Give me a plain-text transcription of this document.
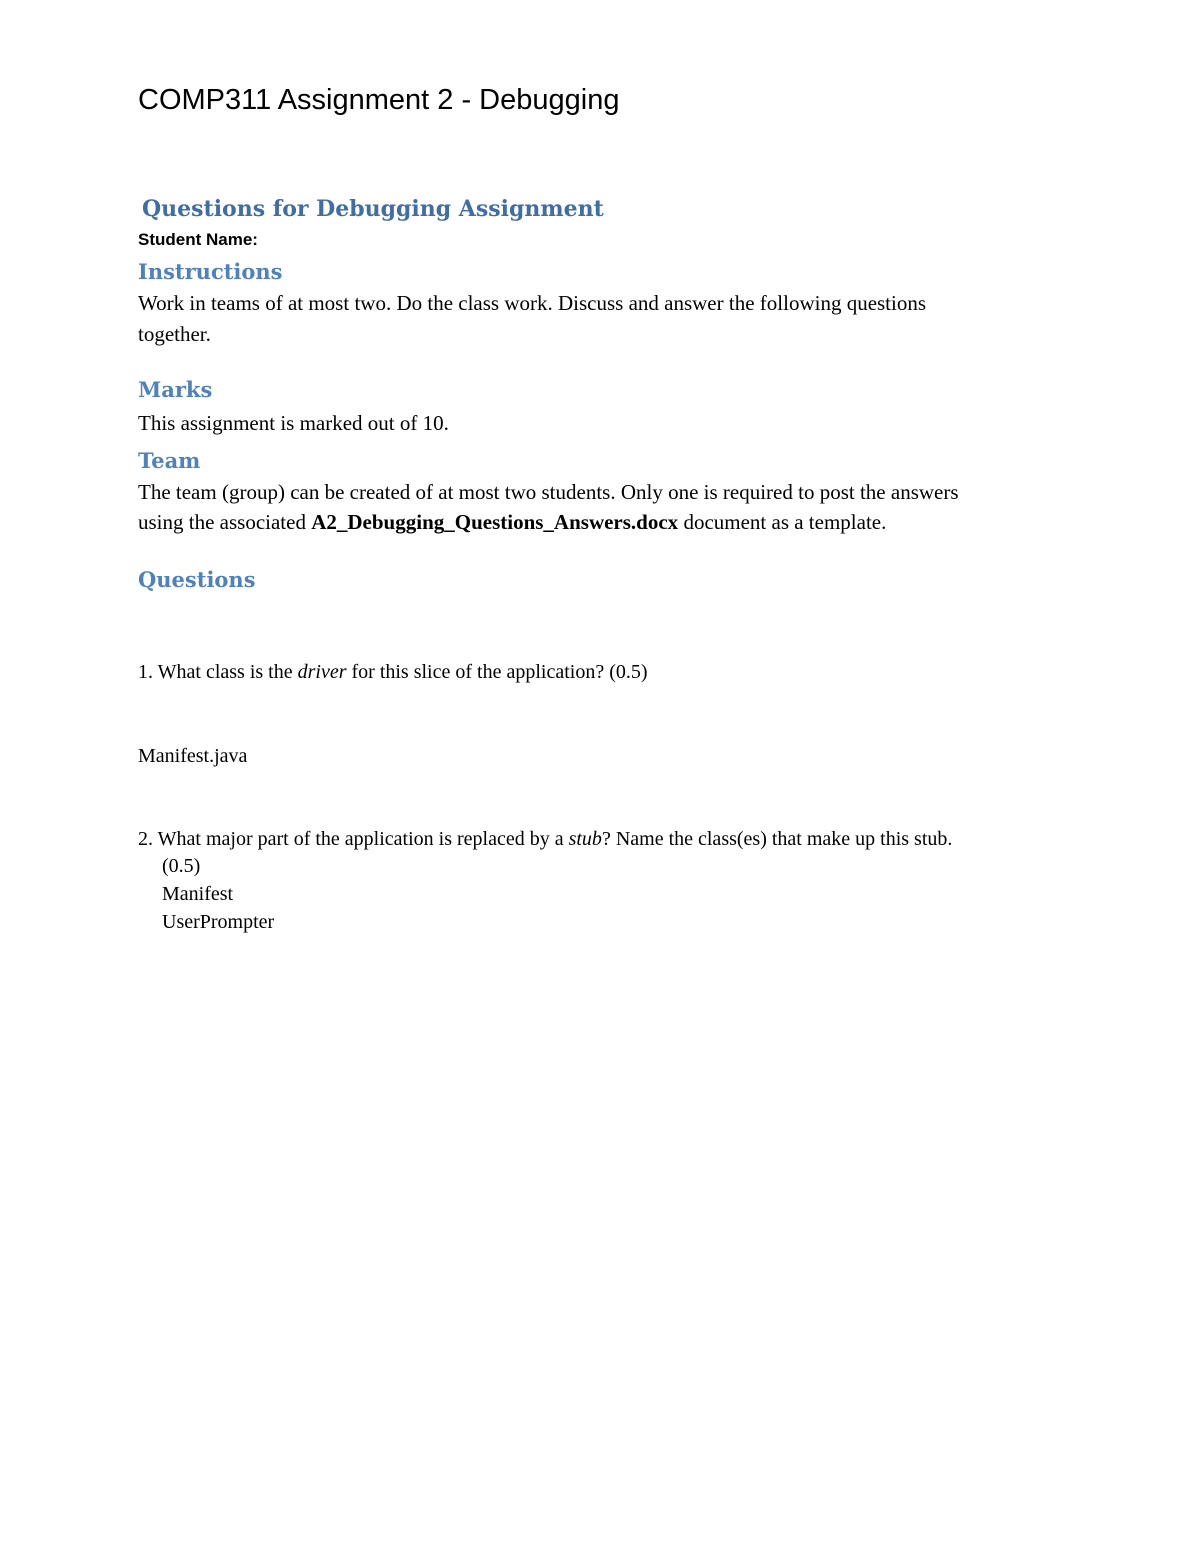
COMP311 Assignment 2 - Debugging
Questions for Debugging Assignment
Student Name:
Instructions
Work in teams of at most two. Do the class work. Discuss and answer the following questions
together.
Marks
This assignment is marked out of 10.
Team
The team (group) can be created of at most two students. Only one is required to post the answers
using the associated A2_Debugging_Questions_Answers.docx document as a template.
Questions
1. What class is the driver for this slice of the application? (0.5)
Manifest.java
2. What major part of the application is replaced by a stub? Name the class(es) that make up this stub.
(0.5)
Manifest
UserPrompter
